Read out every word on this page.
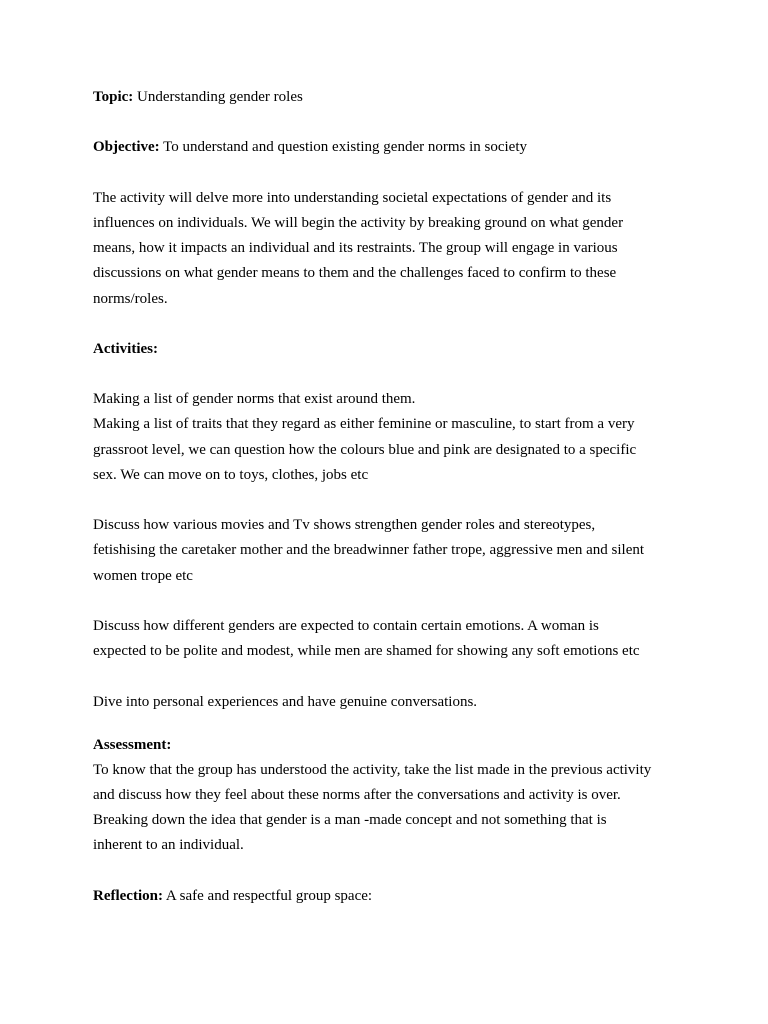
Topic: Understanding gender roles

Objective: To understand and question existing gender norms in society

The activity will delve more into understanding societal expectations of gender and its

influences on individuals. We will begin the activity by breaking ground on what gender

means, how it impacts an individual and its restraints. The group will engage in various

discussions on what gender means to them and the challenges faced to confirm to these

norms/roles.

Activities:

Making a list of gender norms that exist around them.

Making a list of traits that they regard as either feminine or masculine, to start from a very

grassroot level, we can question how the colours blue and pink are designated to a specific

sex. We can move on to toys, clothes, jobs etc

Discuss how various movies and Tv shows strengthen gender roles and stereotypes,

fetishising the caretaker mother and the breadwinner father trope, aggressive men and silent

women trope etc

Discuss how different genders are expected to contain certain emotions. A woman is

expected to be polite and modest, while men are shamed for showing any soft emotions etc

Dive into personal experiences and have genuine conversations.

Assessment:

To know that the group has understood the activity, take the list made in the previous activity

and discuss how they feel about these norms after the conversations and activity is over.

Breaking down the idea that gender is a man -made concept and not something that is

inherent to an individual.

Reflection: A safe and respectful group space:
